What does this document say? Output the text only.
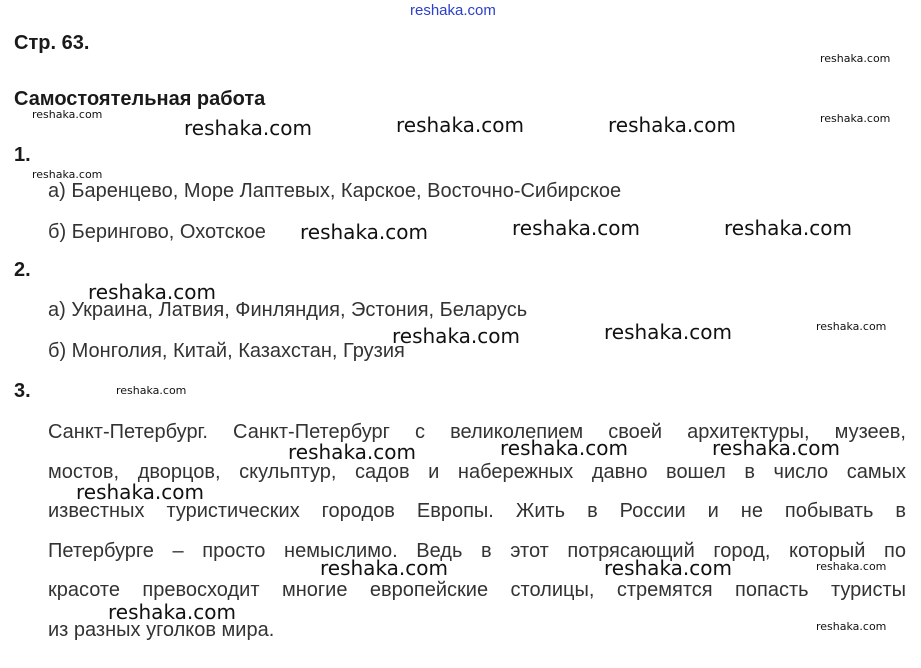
reshaka.com
Стр. 63.
Самостоятельная работа
1.
а) Баренцево, Море Лаптевых, Карское, Восточно-Сибирское
б) Берингово, Охотское
2.
а) Украина, Латвия, Финляндия, Эстония, Беларусь
б) Монголия, Китай, Казахстан, Грузия
3.
Санкт-Петербург. Санкт-Петербург с великолепием своей архитектуры, музеев,
мостов, дворцов, скульптур, садов и набережных давно вошел в число самых
известных туристических городов Европы. Жить в России и не побывать в
Петербурге – просто немыслимо. Ведь в этот потрясающий город, который по
красоте превосходит многие европейские столицы, стремятся попасть туристы
из разных уголков мира.
reshaka.com	reshaka.com	reshaka.com
reshaka.com	reshaka.com	reshaka.com
reshaka.com
reshaka.com	reshaka.com
reshaka.com	reshaka.com	reshaka.com
reshaka.com
reshaka.com	reshaka.com
reshaka.com
reshaka.com
reshaka.com	reshaka.com
reshaka.com
reshaka.com
reshaka.com
reshaka.com
reshaka.com
